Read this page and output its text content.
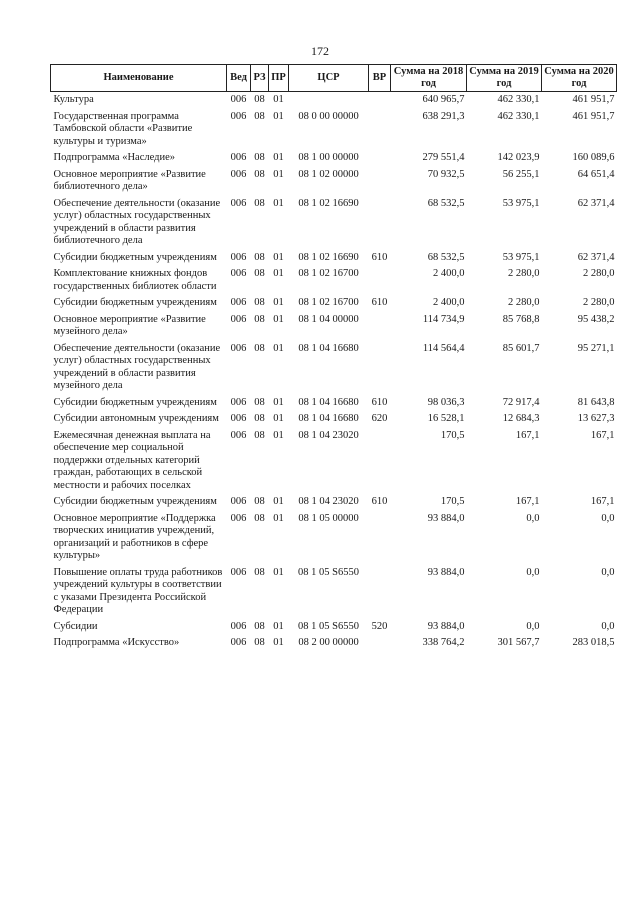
172
Наименование	Вед	РЗ	ПР	ЦСР	ВР	Сумма на 2018 год	Сумма на 2019 год	Сумма на 2020 год
Культура	006	08	01			640 965,7	462 330,1	461 951,7
Государственная программа Тамбовской области «Развитие культуры и туризма»	006	08	01	08 0 00 00000		638 291,3	462 330,1	461 951,7
Подпрограмма «Наследие»	006	08	01	08 1 00 00000		279 551,4	142 023,9	160 089,6
Основное мероприятие «Развитие библиотечного дела»	006	08	01	08 1 02 00000		70 932,5	56 255,1	64 651,4
Обеспечение деятельности (оказание услуг) областных государственных учреждений в области развития библиотечного дела	006	08	01	08 1 02 16690		68 532,5	53 975,1	62 371,4
Субсидии бюджетным учреждениям	006	08	01	08 1 02 16690	610	68 532,5	53 975,1	62 371,4
Комплектование книжных фондов государственных библиотек области	006	08	01	08 1 02 16700		2 400,0	2 280,0	2 280,0
Субсидии бюджетным учреждениям	006	08	01	08 1 02 16700	610	2 400,0	2 280,0	2 280,0
Основное мероприятие «Развитие музейного дела»	006	08	01	08 1 04 00000		114 734,9	85 768,8	95 438,2
Обеспечение деятельности (оказание услуг) областных государственных учреждений в области развития музейного дела	006	08	01	08 1 04 16680		114 564,4	85 601,7	95 271,1
Субсидии бюджетным учреждениям	006	08	01	08 1 04 16680	610	98 036,3	72 917,4	81 643,8
Субсидии автономным учреждениям	006	08	01	08 1 04 16680	620	16 528,1	12 684,3	13 627,3
Ежемесячная денежная выплата на обеспечение мер социальной поддержки отдельных категорий граждан, работающих в сельской местности и рабочих поселках	006	08	01	08 1 04 23020		170,5	167,1	167,1
Субсидии бюджетным учреждениям	006	08	01	08 1 04 23020	610	170,5	167,1	167,1
Основное мероприятие «Поддержка творческих инициатив учреждений, организаций и работников в сфере культуры»	006	08	01	08 1 05 00000		93 884,0	0,0	0,0
Повышение оплаты труда работников учреждений культуры в соответствии с указами Президента Российской Федерации	006	08	01	08 1 05 S6550		93 884,0	0,0	0,0
Субсидии	006	08	01	08 1 05 S6550	520	93 884,0	0,0	0,0
Подпрограмма «Искусство»	006	08	01	08 2 00 00000		338 764,2	301 567,7	283 018,5
